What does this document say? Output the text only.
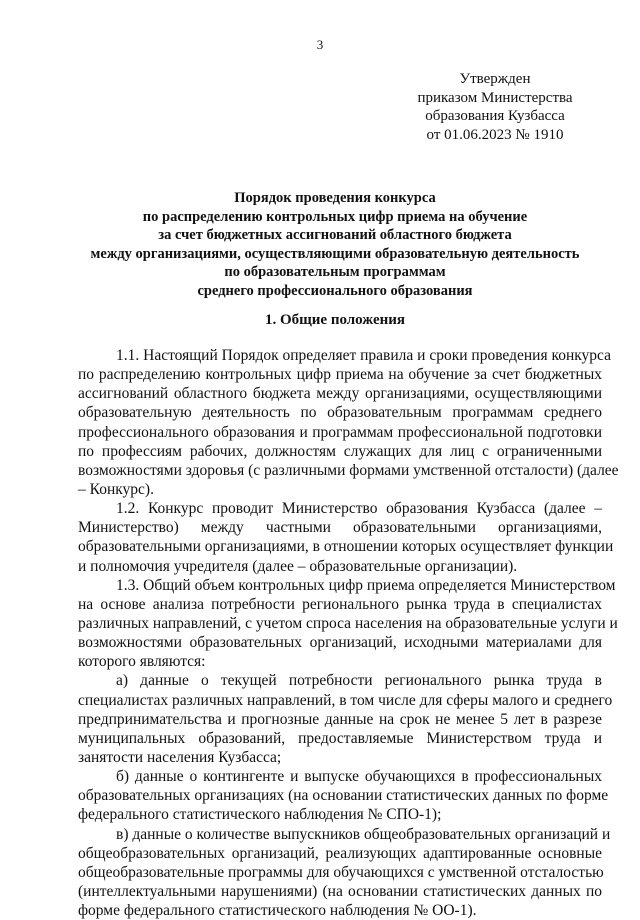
3
Утвержден
приказом Министерства
образования Кузбасса
от 01.06.2023 № 1910
Порядок проведения конкурса
по распределению контрольных цифр приема на обучение
за счет бюджетных ассигнований областного бюджета
между организациями, осуществляющими образовательную деятельность
по образовательным программам
среднего профессионального образования
1. Общие положения
1.1. Настоящий Порядок определяет правила и сроки проведения конкурса
по распределению контрольных цифр приема на обучение за счет бюджетных
ассигнований областного бюджета между организациями, осуществляющими
образовательную деятельность по образовательным программам среднего
профессионального образования и программам профессиональной подготовки
по профессиям рабочих, должностям служащих для лиц с ограниченными
возможностями здоровья (с различными формами умственной отсталости) (далее
– Конкурс).
1.2. Конкурс проводит Министерство образования Кузбасса (далее –
Министерство) между частными образовательными организациями,
образовательными организациями, в отношении которых осуществляет функции
и полномочия учредителя (далее – образовательные организации).
1.3. Общий объем контрольных цифр приема определяется Министерством
на основе анализа потребности регионального рынка труда в специалистах
различных направлений, с учетом спроса населения на образовательные услуги и
возможностями образовательных организаций, исходными материалами для
которого являются:
а) данные о текущей потребности регионального рынка труда в
специалистах различных направлений, в том числе для сферы малого и среднего
предпринимательства и прогнозные данные на срок не менее 5 лет в разрезе
муниципальных образований, предоставляемые Министерством труда и
занятости населения Кузбасса;
б) данные о контингенте и выпуске обучающихся в профессиональных
образовательных организациях (на основании статистических данных по форме
федерального статистического наблюдения № СПО-1);
в) данные о количестве выпускников общеобразовательных организаций и
общеобразовательных организаций, реализующих адаптированные основные
общеобразовательные программы для обучающихся с умственной отсталостью
(интеллектуальными нарушениями) (на основании статистических данных по
форме федерального статистического наблюдения № ОО-1).
